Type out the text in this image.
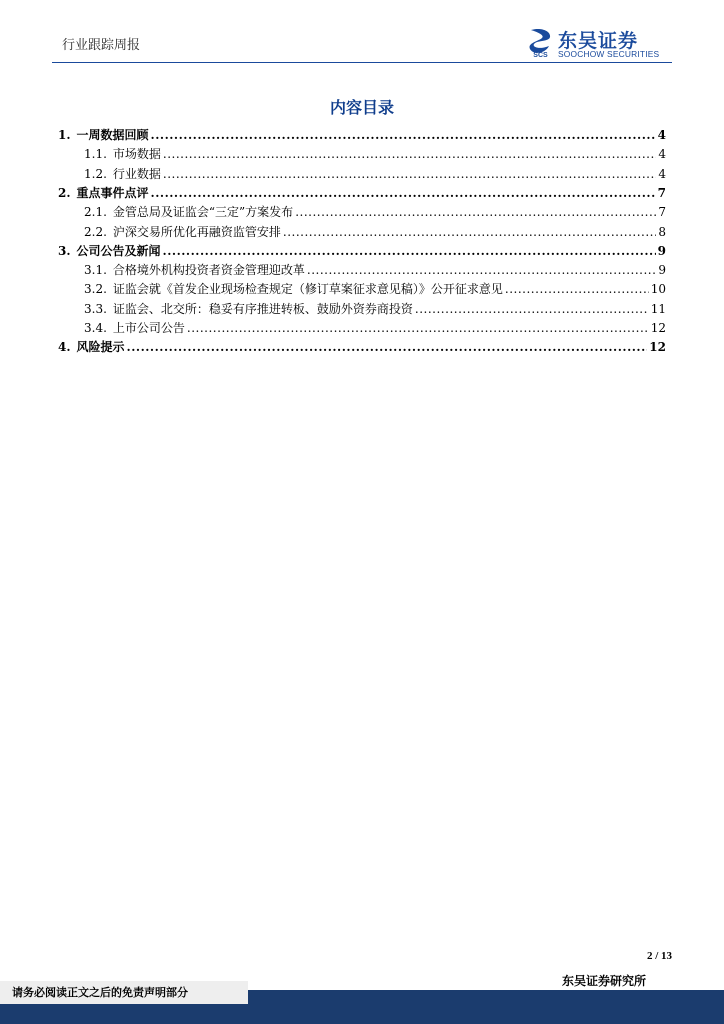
行业跟踪周报
SCS
东吴证券
SOOCHOW SECURITIES
内容目录
1. 一周数据回顾 .....	4
1.1. 市场数据 .....	4
1.2. 行业数据 .....	4
2. 重点事件点评 .....	7
2.1. 金管总局及证监会“三定”方案发布 .....	7
2.2. 沪深交易所优化再融资监管安排 .....	8
3. 公司公告及新闻 .....	9
3.1. 合格境外机构投资者资金管理迎改革 .....	9
3.2. 证监会就《首发企业现场检查规定（修订草案征求意见稿）》公开征求意见 .....	10
3.3. 证监会、北交所：稳妥有序推进转板、鼓励外资券商投资 .....	11
3.4. 上市公司公告 .....	12
4. 风险提示 .....	12
2 / 13
东吴证券研究所
请务必阅读正文之后的免责声明部分
